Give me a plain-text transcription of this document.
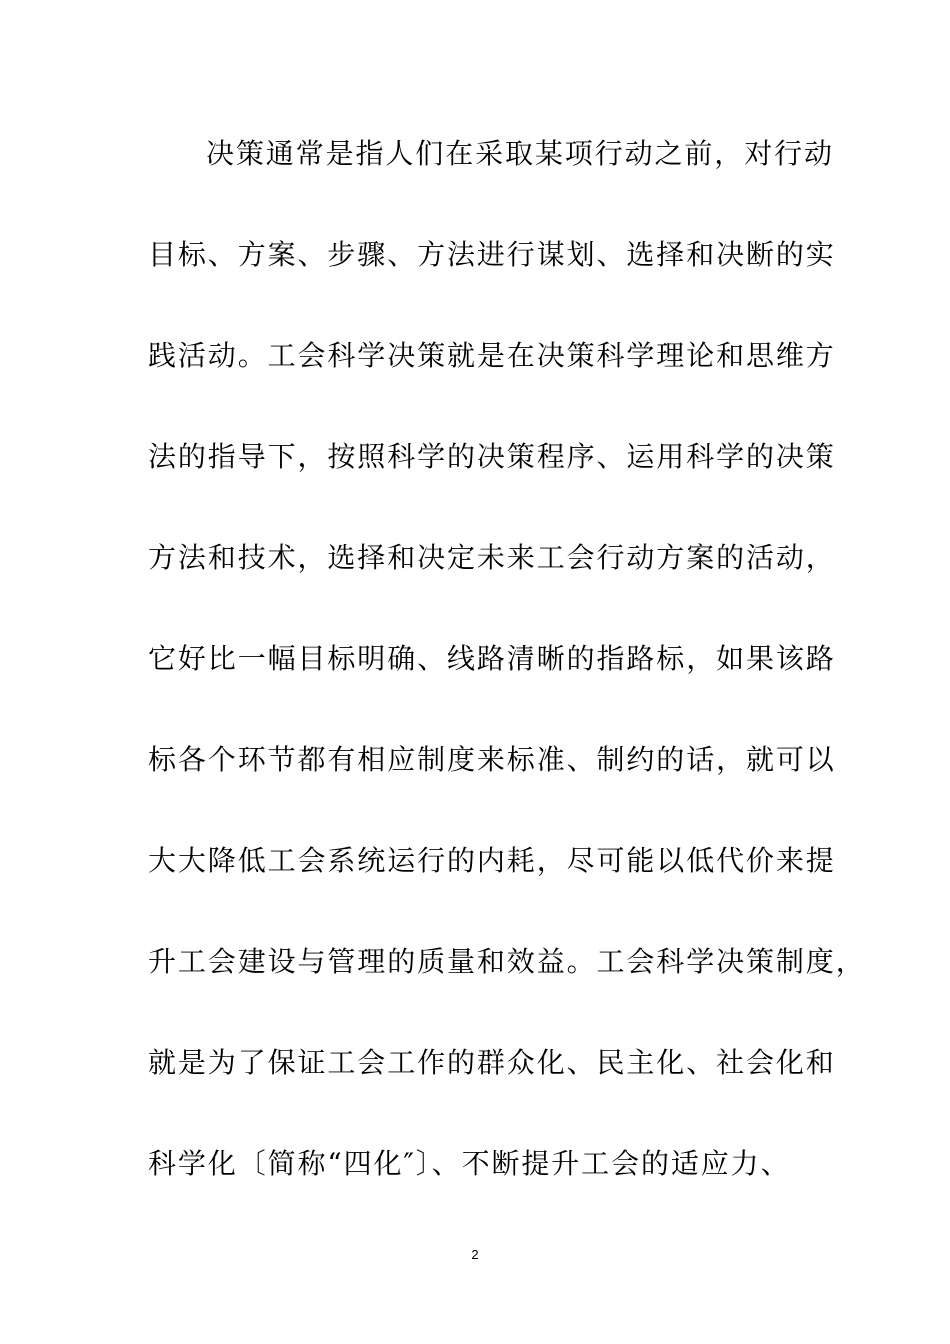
决策通常是指人们在采取某项行动之前，对行动
目标、方案、步骤、方法进行谋划、选择和决断的实
践活动。工会科学决策就是在决策科学理论和思维方
法的指导下，按照科学的决策程序、运用科学的决策
方法和技术，选择和决定未来工会行动方案的活动，
它好比一幅目标明确、线路清晰的指路标，如果该路
标各个环节都有相应制度来标准、制约的话，就可以
大大降低工会系统运行的内耗，尽可能以低代价来提
升工会建设与管理的质量和效益。工会科学决策制度，
就是为了保证工会工作的群众化、民主化、社会化和
科学化〔简称“四化″〕、不断提升工会的适应力、
2
